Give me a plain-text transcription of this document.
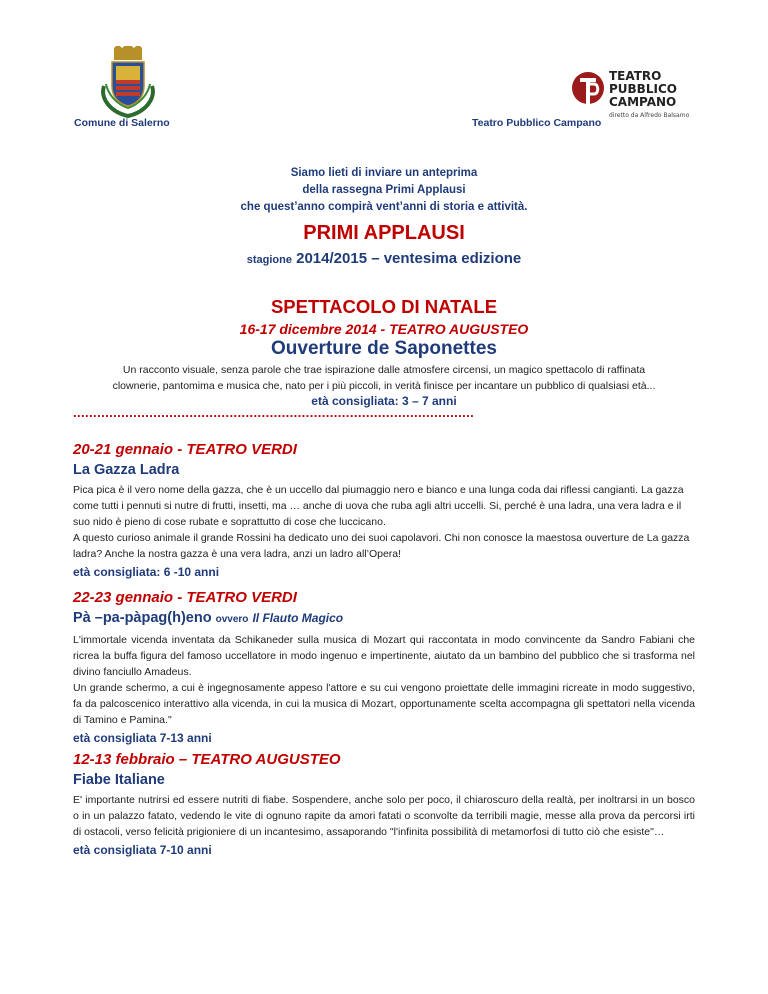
Comune di Salerno
TEATRO
PUBBLICO
CAMPANO
diretto da Alfredo Balsamo
Teatro Pubblico Campano
Siamo lieti di inviare un anteprima
della rassegna Primi Applausi
che quest’anno compirà vent’anni di storia e attività.
PRIMI APPLAUSI
stagione 2014/2015 – ventesima edizione
SPETTACOLO DI NATALE
16-17 dicembre 2014 - TEATRO AUGUSTEO
Ouverture de Saponettes
Un racconto visuale, senza parole che trae ispirazione dalle atmosfere circensi, un magico spettacolo di raffinata
clownerie, pantomima e musica che, nato per i più piccoli, in verità finisce per incantare un pubblico di qualsiasi età...
età consigliata: 3 – 7 anni
....................................................................................................
20-21 gennaio - TEATRO VERDI
La Gazza Ladra

Pica pica è il vero nome della gazza, che è un uccello dal piumaggio nero e bianco e una lunga coda dai riflessi cangianti. La gazza come tutti i pennuti si nutre di frutti, insetti, ma … anche di uova che ruba agli altri uccelli. Si, perché è una ladra, una vera ladra e il suo nido è pieno di cose rubate e soprattutto di cose che luccicano.

A questo curioso animale il grande Rossini ha dedicato uno dei suoi capolavori. Chi non conosce la maestosa ouverture de La gazza ladra? Anche la nostra gazza è una vera ladra, anzi un ladro all’Opera!

età consigliata: 6 -10 anni
22-23 gennaio - TEATRO VERDI
Pà –pa-pàpag(h)eno ovvero Il Flauto Magico

L'immortale vicenda inventata da Schikaneder sulla musica di Mozart qui raccontata in modo convincente da Sandro Fabiani che ricrea la buffa figura del famoso uccellatore in modo ingenuo e impertinente, aiutato da un bambino del pubblico che si trasforma nel divino fanciullo Amadeus.

Un grande schermo, a cui è ingegnosamente appeso l'attore e su cui vengono proiettate delle immagini ricreate in modo suggestivo, fa da palcoscenico interattivo alla vicenda, in cui la musica di Mozart, opportunamente scelta accompagna gli spettatori nella vicenda di Tamino e Pamina."

età consigliata 7-13 anni
12-13 febbraio – TEATRO AUGUSTEO
Fiabe Italiane

E' importante nutrirsi ed essere nutriti di fiabe. Sospendere, anche solo per poco, il chiaroscuro della realtà, per inoltrarsi in un bosco o in un palazzo fatato, vedendo le vite di ognuno rapite da amori fatati o sconvolte da terribili magie, messe alla prova da percorsi irti di ostacoli, verso felicità prigioniere di un incantesimo, assaporando "l'infinita possibilità di metamorfosi di tutto ciò che esiste"…

età consigliata 7-10 anni
